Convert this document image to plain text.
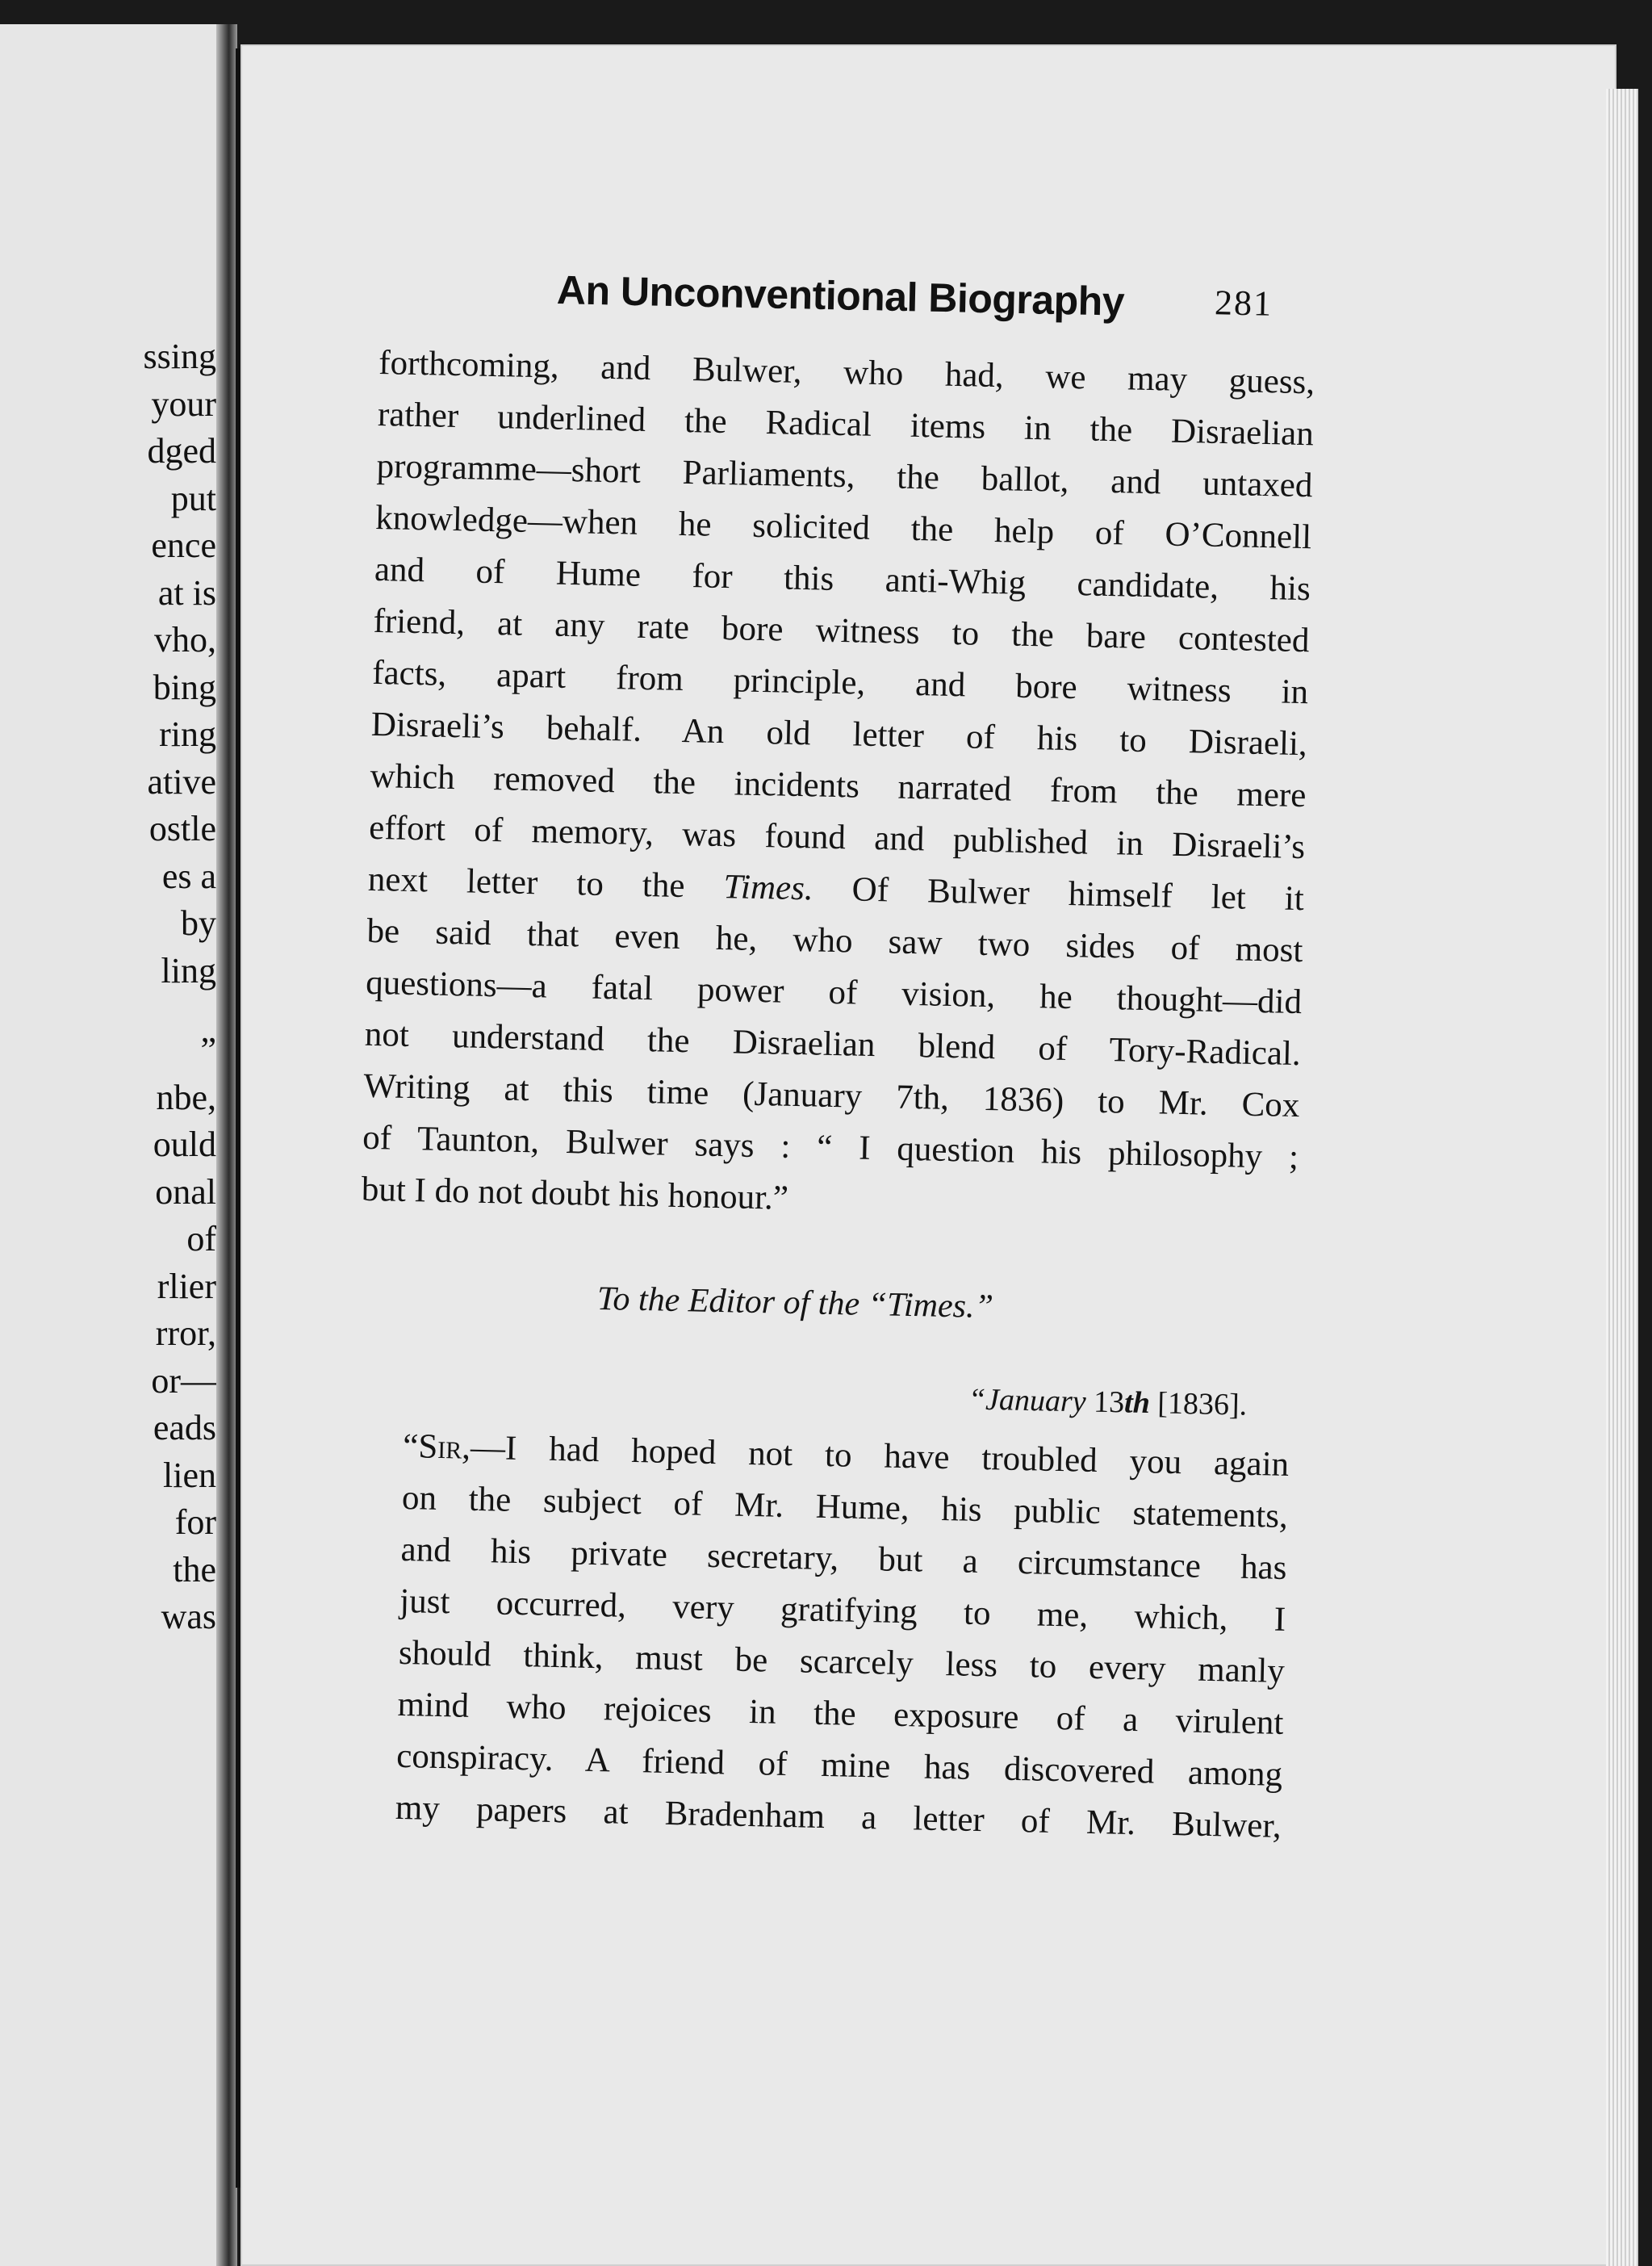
ssing
your
dged
put
ence
at is
vho,
bing
ring
ative
ostle
es a
by
ling
”
nbe,
ould
onal
of
rlier
rror,
or—
eads
lien
for
the
was
An Unconventional Biography	281
forthcoming, and Bulwer, who had, we may guess,
rather underlined the Radical items in the Disraelian
programme—short Parliaments, the ballot, and untaxed
knowledge—when he solicited the help of O’Connell
and of Hume for this anti-Whig candidate, his
friend, at any rate bore witness to the bare contested
facts, apart from principle, and bore witness in
Disraeli’s behalf. An old letter of his to Disraeli,
which removed the incidents narrated from the mere
effort of memory, was found and published in Disraeli’s
next letter to the Times. Of Bulwer himself let it
be said that even he, who saw two sides of most
questions—a fatal power of vision, he thought—did
not understand the Disraelian blend of Tory-Radical.
Writing at this time (January 7th, 1836) to Mr. Cox
of Taunton, Bulwer says : “ I question his philosophy ;
but I do not doubt his honour.”
To the Editor of the “Times.”
“January 13th [1836].
“Sir,—I had hoped not to have troubled you again
on the subject of Mr. Hume, his public statements,
and his private secretary, but a circumstance has
just occurred, very gratifying to me, which, I
should think, must be scarcely less to every manly
mind who rejoices in the exposure of a virulent
conspiracy. A friend of mine has discovered among
my papers at Bradenham a letter of Mr. Bulwer,
